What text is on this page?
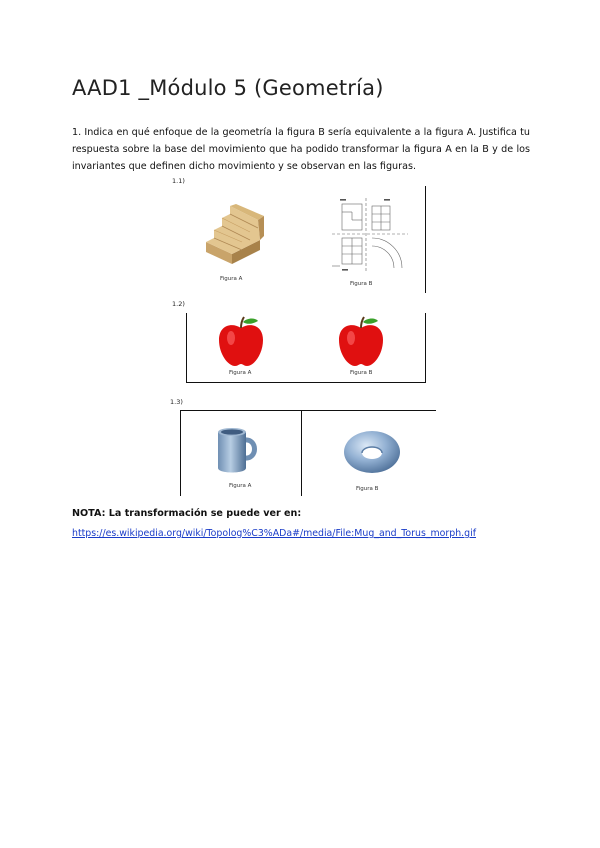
AAD1 _Módulo 5 (Geometría)

1. Indica en qué enfoque de la geometría la figura B sería equivalente a la figura A. Justifica tu respuesta sobre la base del movimiento que ha podido transformar la figura A en la B y de los invariantes que definen dicho movimiento y se observan en las figuras.

1.1)
Figura A
Figura B
1.2)
Figura A	Figura B
1.3)
Figura A	Figura B

NOTA: La transformación se puede ver en:

https://es.wikipedia.org/wiki/Topolog%C3%ADa#/media/File:Mug_and_Torus_morph.gif
